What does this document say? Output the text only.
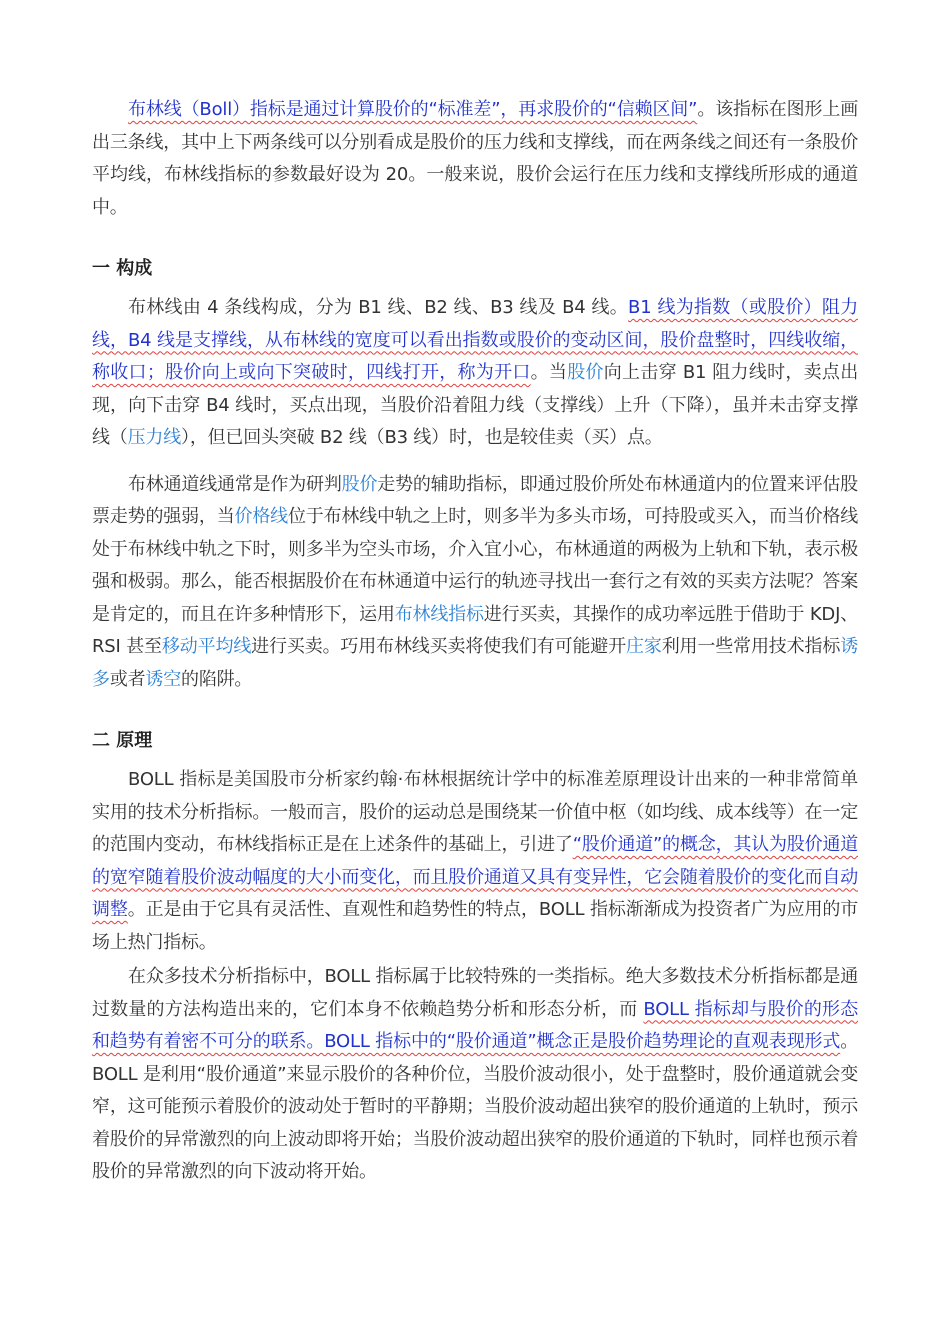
布林线（Boll）指标是通过计算股价的“标准差”，再求股价的“信赖区间”。该指标在图形上画出三条线，其中上下两条线可以分别看成是股价的压力线和支撑线，而在两条线之间还有一条股价平均线，布林线指标的参数最好设为 20。一般来说，股价会运行在压力线和支撑线所形成的通道中。

一 构成

布林线由 4 条线构成，分为 B1 线、B2 线、B3 线及 B4 线。B1 线为指数（或股价）阻力线，B4 线是支撑线，从布林线的宽度可以看出指数或股价的变动区间，股价盘整时，四线收缩，称收口；股价向上或向下突破时，四线打开，称为开口。当股价向上击穿 B1 阻力线时，卖点出现，向下击穿 B4 线时，买点出现，当股价沿着阻力线（支撑线）上升（下降），虽并未击穿支撑线（压力线），但已回头突破 B2 线（B3 线）时，也是较佳卖（买）点。

布林通道线通常是作为研判股价走势的辅助指标，即通过股价所处布林通道内的位置来评估股票走势的强弱，当价格线位于布林线中轨之上时，则多半为多头市场，可持股或买入，而当价格线处于布林线中轨之下时，则多半为空头市场，介入宜小心，布林通道的两极为上轨和下轨，表示极强和极弱。那么，能否根据股价在布林通道中运行的轨迹寻找出一套行之有效的买卖方法呢？答案是肯定的，而且在许多种情形下，运用布林线指标进行买卖，其操作的成功率远胜于借助于 KDJ、RSI 甚至移动平均线进行买卖。巧用布林线买卖将使我们有可能避开庄家利用一些常用技术指标诱多或者诱空的陷阱。

二 原理

BOLL 指标是美国股市分析家约翰·布林根据统计学中的标准差原理设计出来的一种非常简单实用的技术分析指标。一般而言，股价的运动总是围绕某一价值中枢（如均线、成本线等）在一定的范围内变动，布林线指标正是在上述条件的基础上，引进了“股价通道”的概念，其认为股价通道的宽窄随着股价波动幅度的大小而变化，而且股价通道又具有变异性，它会随着股价的变化而自动调整。正是由于它具有灵活性、直观性和趋势性的特点，BOLL 指标渐渐成为投资者广为应用的市场上热门指标。

在众多技术分析指标中，BOLL 指标属于比较特殊的一类指标。绝大多数技术分析指标都是通过数量的方法构造出来的，它们本身不依赖趋势分析和形态分析，而 BOLL 指标却与股价的形态和趋势有着密不可分的联系。BOLL 指标中的“股价通道”概念正是股价趋势理论的直观表现形式。BOLL 是利用“股价通道”来显示股价的各种价位，当股价波动很小，处于盘整时，股价通道就会变窄，这可能预示着股价的波动处于暂时的平静期；当股价波动超出狭窄的股价通道的上轨时，预示着股价的异常激烈的向上波动即将开始；当股价波动超出狭窄的股价通道的下轨时，同样也预示着股价的异常激烈的向下波动将开始。
